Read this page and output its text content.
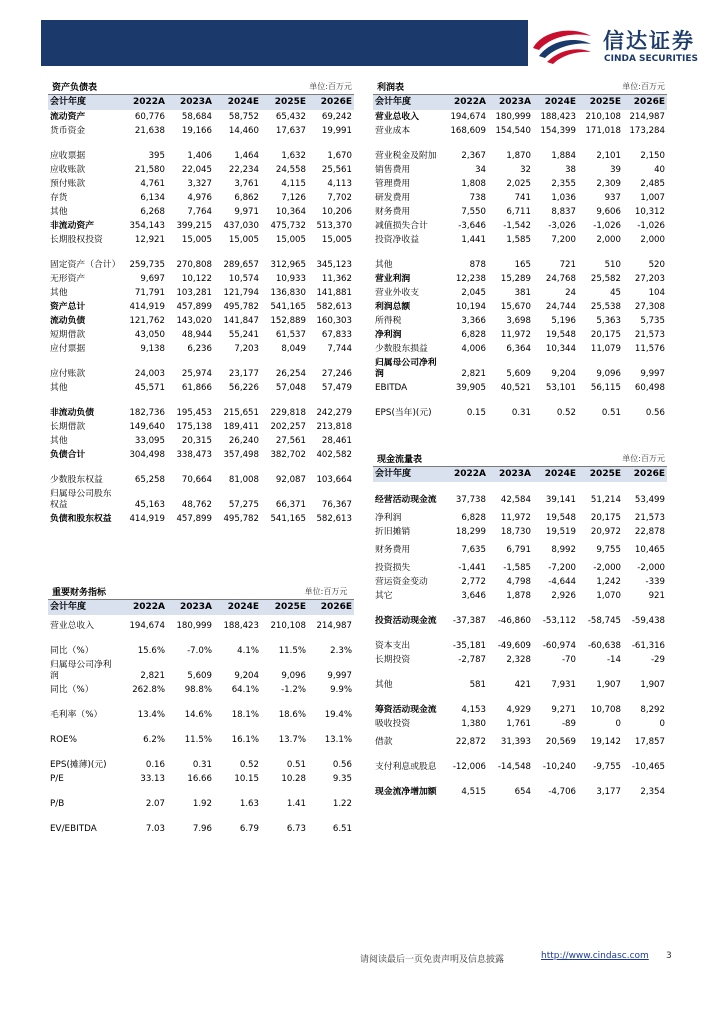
信达证券
CINDA SECURITIES
资产负债表	单位:百万元
会计年度	2022A	2023A	2024E	2025E	2026E
流动资产	60,776	58,684	58,752	65,432	69,242
货币资金	21,638	19,166	14,460	17,637	19,991
应收票据	395	1,406	1,464	1,632	1,670
应收账款	21,580	22,045	22,234	24,558	25,561
预付账款	4,761	3,327	3,761	4,115	4,113
存货	6,134	4,976	6,862	7,126	7,702
其他	6,268	7,764	9,971	10,364	10,206
非流动资产	354,143	399,215	437,030	475,732	513,370
长期股权投资	12,921	15,005	15,005	15,005	15,005
固定资产（合计）	259,735	270,808	289,657	312,965	345,123
无形资产	9,697	10,122	10,574	10,933	11,362
其他	71,791	103,281	121,794	136,830	141,881
资产总计	414,919	457,899	495,782	541,165	582,613
流动负债	121,762	143,020	141,847	152,889	160,303
短期借款	43,050	48,944	55,241	61,537	67,833
应付票据	9,138	6,236	7,203	8,049	7,744
应付账款	24,003	25,974	23,177	26,254	27,246
其他	45,571	61,866	56,226	57,048	57,479
非流动负债	182,736	195,453	215,651	229,818	242,279
长期借款	149,640	175,138	189,411	202,257	213,818
其他	33,095	20,315	26,240	27,561	28,461
负债合计	304,498	338,473	357,498	382,702	402,582
少数股东权益	65,258	70,664	81,008	92,087	103,664
归属母公司股东权益	45,163	48,762	57,275	66,371	76,367
负债和股东权益	414,919	457,899	495,782	541,165	582,613
重要财务指标	单位:百万元
会计年度	2022A	2023A	2024E	2025E	2026E
营业总收入	194,674	180,999	188,423	210,108	214,987
同比（%）	15.6%	-7.0%	4.1%	11.5%	2.3%
归属母公司净利润	2,821	5,609	9,204	9,096	9,997
同比（%）	262.8%	98.8%	64.1%	-1.2%	9.9%
毛利率（%）	13.4%	14.6%	18.1%	18.6%	19.4%
ROE%	6.2%	11.5%	16.1%	13.7%	13.1%
EPS(摊薄)(元)	0.16	0.31	0.52	0.51	0.56
P/E	33.13	16.66	10.15	10.28	9.35
P/B	2.07	1.92	1.63	1.41	1.22
EV/EBITDA	7.03	7.96	6.79	6.73	6.51
利润表	单位:百万元
会计年度	2022A	2023A	2024E	2025E	2026E
营业总收入	194,674	180,999	188,423	210,108	214,987
营业成本	168,609	154,540	154,399	171,018	173,284
营业税金及附加	2,367	1,870	1,884	2,101	2,150
销售费用	34	32	38	39	40
管理费用	1,808	2,025	2,355	2,309	2,485
研发费用	738	741	1,036	937	1,007
财务费用	7,550	6,711	8,837	9,606	10,312
减值损失合计	-3,646	-1,542	-3,026	-1,026	-1,026
投资净收益	1,441	1,585	7,200	2,000	2,000
其他	878	165	721	510	520
营业利润	12,238	15,289	24,768	25,582	27,203
营业外收支	2,045	381	24	45	104
利润总额	10,194	15,670	24,744	25,538	27,308
所得税	3,366	3,698	5,196	5,363	5,735
净利润	6,828	11,972	19,548	20,175	21,573
少数股东损益	4,006	6,364	10,344	11,079	11,576
归属母公司净利润	2,821	5,609	9,204	9,096	9,997
EBITDA	39,905	40,521	53,101	56,115	60,498
EPS(当年)(元)	0.15	0.31	0.52	0.51	0.56
现金流量表	单位:百万元
会计年度	2022A	2023A	2024E	2025E	2026E
经营活动现金流	37,738	42,584	39,141	51,214	53,499
净利润	6,828	11,972	19,548	20,175	21,573
折旧摊销	18,299	18,730	19,519	20,972	22,878
财务费用	7,635	6,791	8,992	9,755	10,465
投资损失	-1,441	-1,585	-7,200	-2,000	-2,000
营运资金变动	2,772	4,798	-4,644	1,242	-339
其它	3,646	1,878	2,926	1,070	921
投资活动现金流	-37,387	-46,860	-53,112	-58,745	-59,438
资本支出	-35,181	-49,609	-60,974	-60,638	-61,316
长期投资	-2,787	2,328	-70	-14	-29
其他	581	421	7,931	1,907	1,907
筹资活动现金流	4,153	4,929	9,271	10,708	8,292
吸收投资	1,380	1,761	-89	0	0
借款	22,872	31,393	20,569	19,142	17,857
支付利息或股息	-12,006	-14,548	-10,240	-9,755	-10,465
现金流净增加额	4,515	654	-4,706	3,177	2,354
请阅读最后一页免责声明及信息披露	http://www.cindasc.com 3
